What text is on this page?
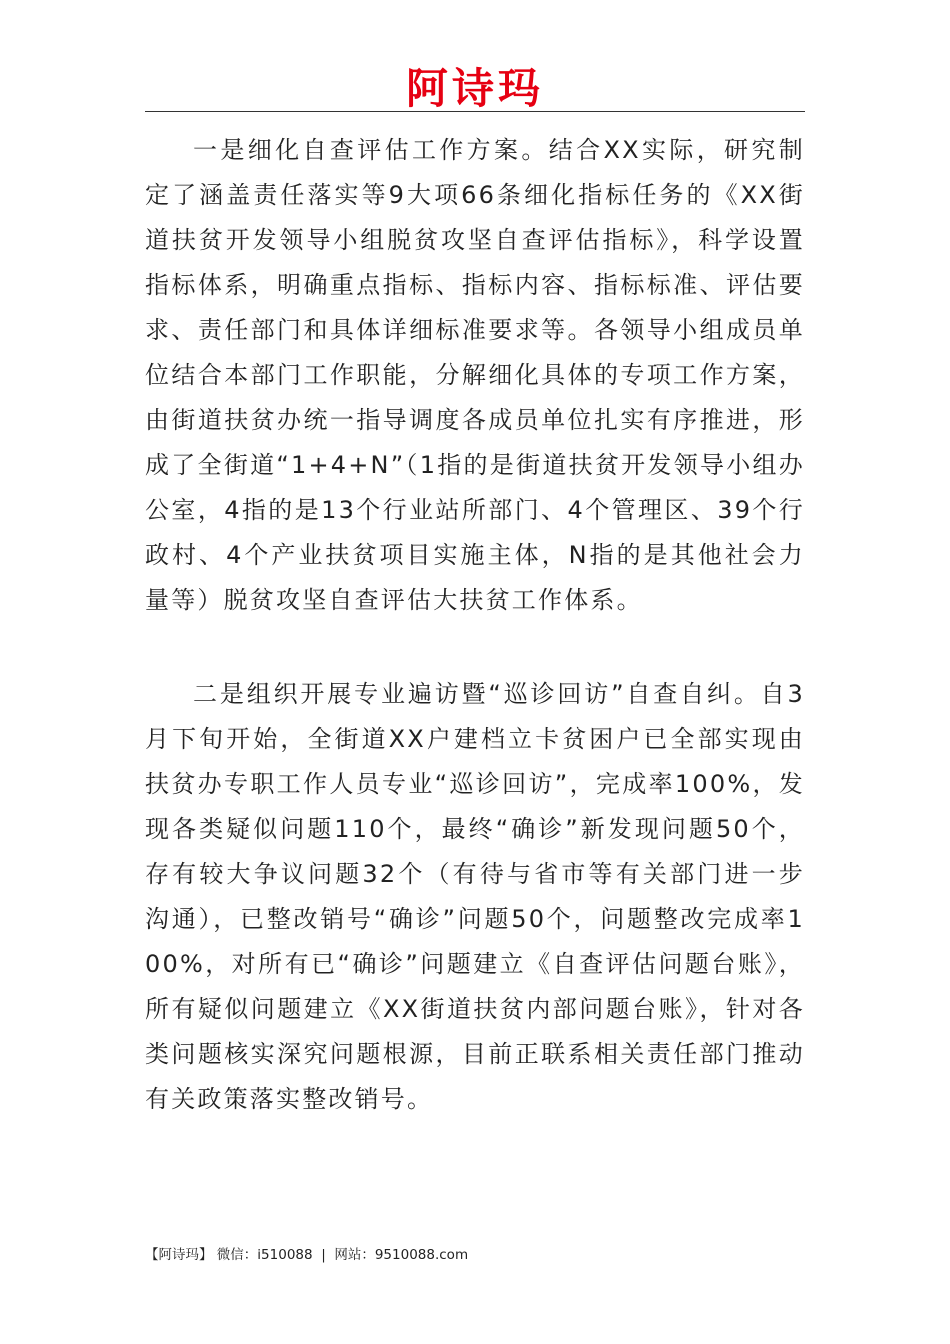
阿诗玛

一是细化自查评估工作方案。结合XX实际，研究制定了涵盖责任落实等9大项66条细化指标任务的《XX街道扶贫开发领导小组脱贫攻坚自查评估指标》，科学设置指标体系，明确重点指标、指标内容、指标标准、评估要求、责任部门和具体详细标准要求等。各领导小组成员单位结合本部门工作职能，分解细化具体的专项工作方案，由街道扶贫办统一指导调度各成员单位扎实有序推进，形成了全街道“1+4+N”（1指的是街道扶贫开发领导小组办公室，4指的是13个行业站所部门、4个管理区、39个行政村、4个产业扶贫项目实施主体，N指的是其他社会力量等）脱贫攻坚自查评估大扶贫工作体系。

二是组织开展专业遍访暨“巡诊回访”自查自纠。自3月下旬开始，全街道XX户建档立卡贫困户已全部实现由扶贫办专职工作人员专业“巡诊回访”，完成率100%，发现各类疑似问题110个，最终“确诊”新发现问题50个，存有较大争议问题32个（有待与省市等有关部门进一步沟通），已整改销号“确诊”问题50个，问题整改完成率100%，对所有已“确诊”问题建立《自查评估问题台账》，所有疑似问题建立《XX街道扶贫内部问题台账》，针对各类问题核实深究问题根源，目前正联系相关责任部门推动有关政策落实整改销号。

【阿诗玛】 微信：i510088 | 网站：9510088.com
